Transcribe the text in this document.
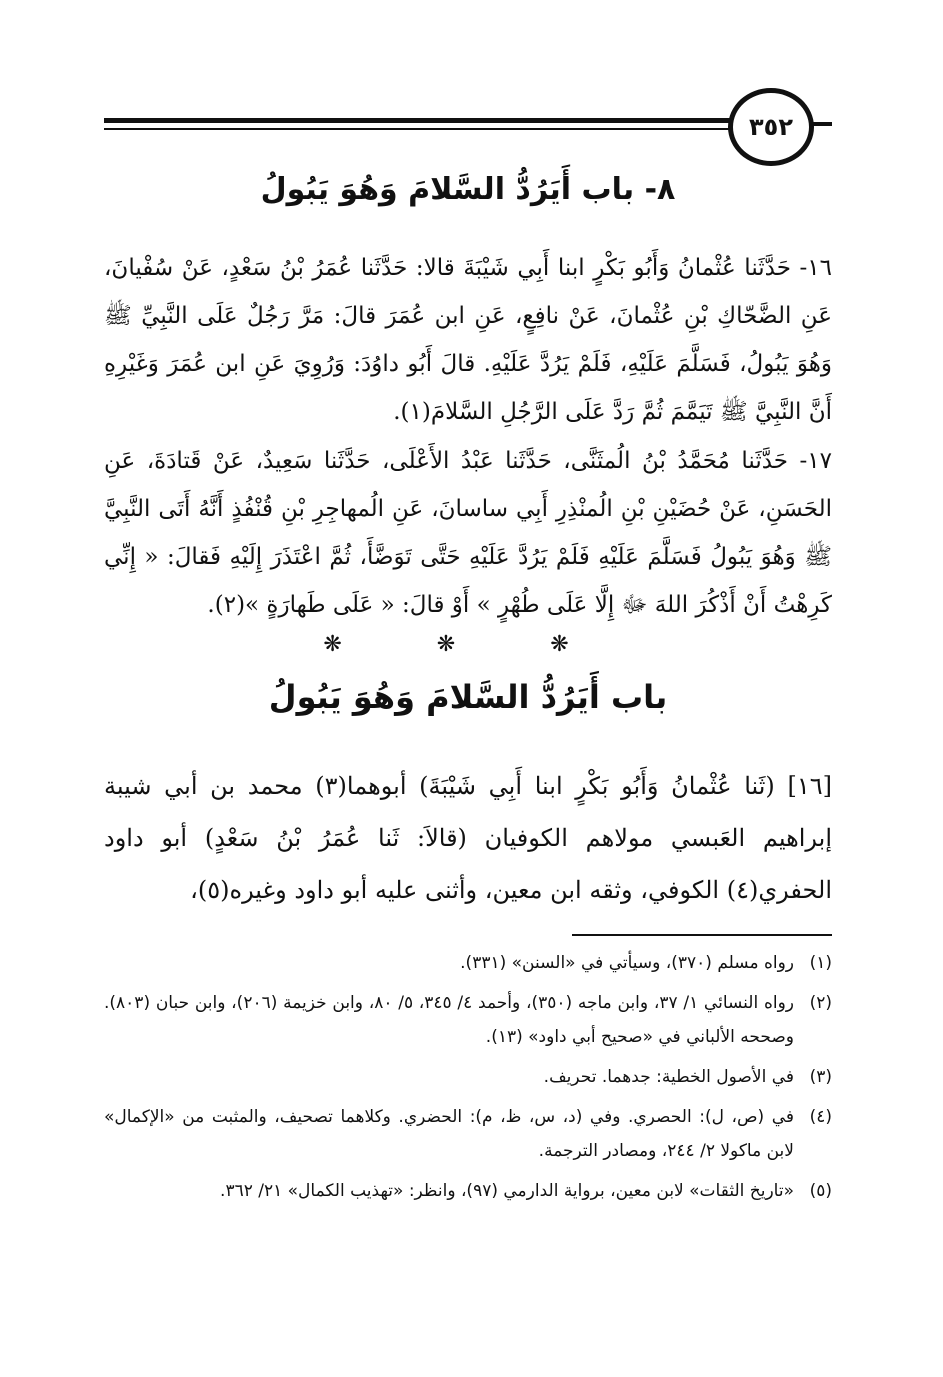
٣٥٢
٨- باب أَيَرُدُّ السَّلامَ وَهُوَ يَبُولُ
١٦- حَدَّثَنا عُثْمانُ وَأَبُو بَكْرٍ ابنا أَبِي شَيْبَةَ قالا: حَدَّثَنا عُمَرُ بْنُ سَعْدٍ، عَنْ سُفْيانَ، عَنِ الضَّحّاكِ بْنِ عُثْمانَ، عَنْ نافِعٍ، عَنِ ابن عُمَرَ قالَ: مَرَّ رَجُلٌ عَلَى النَّبِيِّ ﷺ وَهُوَ يَبُولُ، فَسَلَّمَ عَلَيْهِ، فَلَمْ يَرُدَّ عَلَيْهِ. قالَ أَبُو داوُدَ: وَرُوِيَ عَنِ ابن عُمَرَ وَغَيْرِهِ أَنَّ النَّبِيَّ ﷺ تَيَمَّمَ ثُمَّ رَدَّ عَلَى الرَّجُلِ السَّلامَ(١).
١٧- حَدَّثَنا مُحَمَّدُ بْنُ الُمثَنَّى، حَدَّثَنا عَبْدُ الأَعْلَى، حَدَّثَنا سَعِيدٌ، عَنْ قَتادَةَ، عَنِ الحَسَنِ، عَنْ حُضَيْنِ بْنِ الُمنْذِرِ أَبِي ساسانَ، عَنِ الُمهاجِرِ بْنِ قُنْفُذٍ أَنَّهُ أَتَى النَّبِيَّ ﷺ وَهُوَ يَبُولُ فَسَلَّمَ عَلَيْهِ فَلَمْ يَرُدَّ عَلَيْهِ حَتَّى تَوَضَّأَ، ثُمَّ اعْتَذَرَ إِلَيْهِ فَقالَ: « إِنِّي كَرِهْتُ أَنْ أَذْكُرَ اللهَ ﷻ إِلَّا عَلَى طُهْرٍ » أَوْ قالَ: « عَلَى طَهارَةٍ »(٢).
❋ ❋ ❋
باب أَيَرُدُّ السَّلامَ وَهُوَ يَبُولُ
[١٦] (ثَنا عُثْمانُ وَأَبُو بَكْرٍ ابنا أَبِي شَيْبَةَ) أبوهما(٣) محمد بن أبي شيبة إبراهيم العَبسي مولاهم الكوفيان (قالاَ: ثَنا عُمَرُ بْنُ سَعْدٍ) أبو داود الحفري(٤) الكوفي، وثقه ابن معين، وأثنى عليه أبو داود وغيره(٥)،
(١)
رواه مسلم (٣٧٠)، وسيأتي في «السنن» (٣٣١).
(٢)
رواه النسائي ١/ ٣٧، وابن ماجه (٣٥٠)، وأحمد ٤/ ٣٤٥، ٥/ ٨٠، وابن خزيمة (٢٠٦)، وابن حبان (٨٠٣). وصححه الألباني في «صحيح أبي داود» (١٣).
(٣)
في الأصول الخطية: جدهما. تحريف.
(٤)
في (ص، ل): الحصري. وفي (د، س، ظ، م): الحضري. وكلاهما تصحيف، والمثبت من «الإكمال» لابن ماكولا ٢/ ٢٤٤، ومصادر الترجمة.
(٥)
«تاريخ الثقات» لابن معين، برواية الدارمي (٩٧)، وانظر: «تهذيب الكمال» ٢١/ ٣٦٢.
